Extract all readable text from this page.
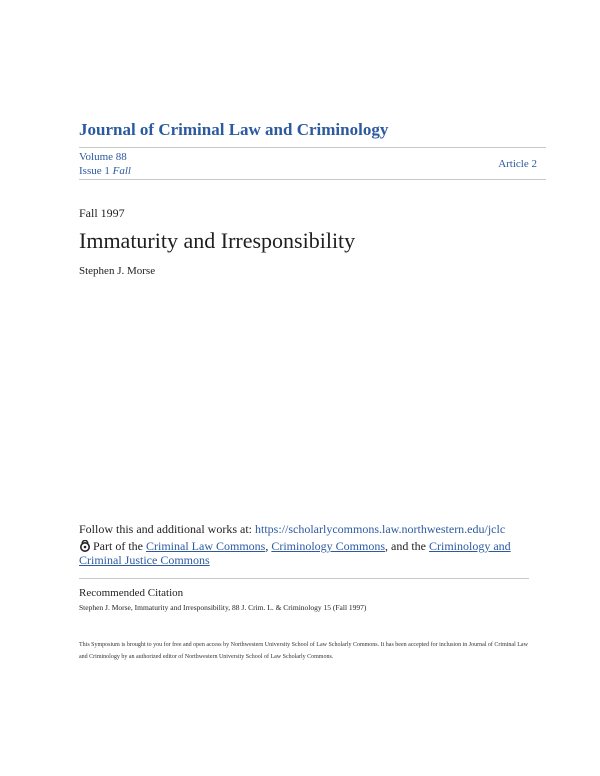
Journal of Criminal Law and Criminology
Volume 88
Issue 1 Fall
Article 2
Fall 1997
Immaturity and Irresponsibility
Stephen J. Morse
Follow this and additional works at: https://scholarlycommons.law.northwestern.edu/jclc
Part of the Criminal Law Commons, Criminology Commons, and the Criminology and Criminal Justice Commons
Recommended Citation
Stephen J. Morse, Immaturity and Irresponsibility, 88 J. Crim. L. & Criminology 15 (Fall 1997)
This Symposium is brought to you for free and open access by Northwestern University School of Law Scholarly Commons. It has been accepted for inclusion in Journal of Criminal Law and Criminology by an authorized editor of Northwestern University School of Law Scholarly Commons.
